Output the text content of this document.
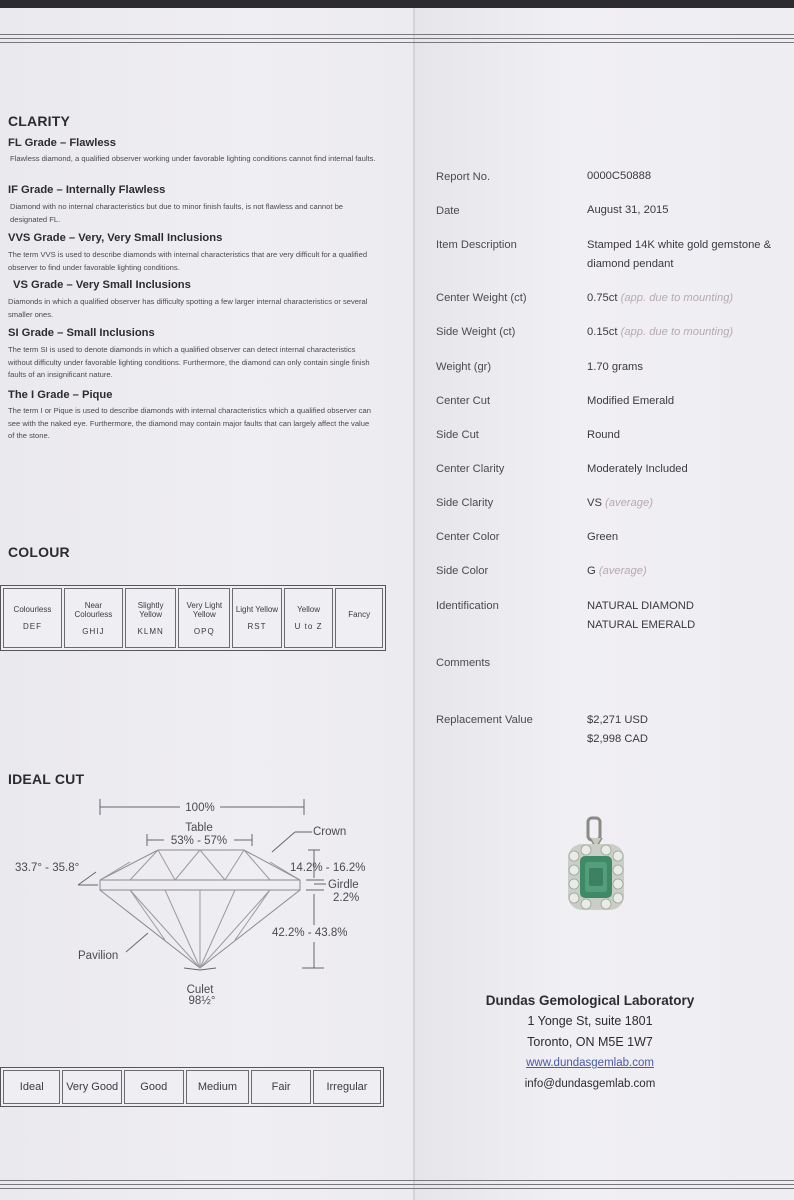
CLARITY
FL Grade – Flawless
Flawless diamond, a qualified observer working under favorable lighting conditions cannot find internal faults.
IF Grade – Internally Flawless
Diamond with no internal characteristics but due to minor finish faults, is not flawless and cannot be designated FL.
VVS Grade – Very, Very Small Inclusions
The term VVS is used to describe diamonds with internal characteristics that are very difficult for a qualified observer to find under favorable lighting conditions.
VS Grade – Very Small Inclusions
Diamonds in which a qualified observer has difficulty spotting a few larger internal characteristics or several smaller ones.
SI Grade – Small Inclusions
The term SI is used to denote diamonds in which a qualified observer can detect internal characteristics without difficulty under favorable lighting conditions. Furthermore, the diamond can only contain single finish faults of an insignificant nature.
The I Grade – Pique
The term I or Pique is used to describe diamonds with internal characteristics which a qualified observer can see with the naked eye. Furthermore, the diamond may contain major faults that can largely affect the value of the stone.
COLOUR
Colourless
DEF
	Near Colourless
GHIJ
	Slightly Yellow
KLMN
	Very Light Yellow
OPQ
	Light Yellow
RST
	Yellow
U to Z
	Fancy
IDEAL CUT
100%
Table
53% - 57%
Crown
33.7° - 35.8°	14.2% - 16.2%
Girdle
2.2%
42.2% - 43.8%
Pavilion
Culet
98½°
Ideal	Very Good	Good	Medium	Fair	Irregular
Report No.	0000C50888
Date	August 31, 2015
Item Description	Stamped 14K white gold gemstone & diamond pendant
Center Weight (ct)	0.75ct (app. due to mounting)
Side Weight (ct)	0.15ct (app. due to mounting)
Weight (gr)	1.70 grams
Center Cut	Modified Emerald
Side Cut	Round
Center Clarity	Moderately Included
Side Clarity	VS (average)
Center Color	Green
Side Color	G (average)
Identification	NATURAL DIAMOND
NATURAL EMERALD
Comments
Replacement Value	$2,271 USD
$2,998 CAD
Dundas Gemological Laboratory
1 Yonge St, suite 1801
Toronto, ON M5E 1W7
www.dundasgemlab.com
info@dundasgemlab.com
